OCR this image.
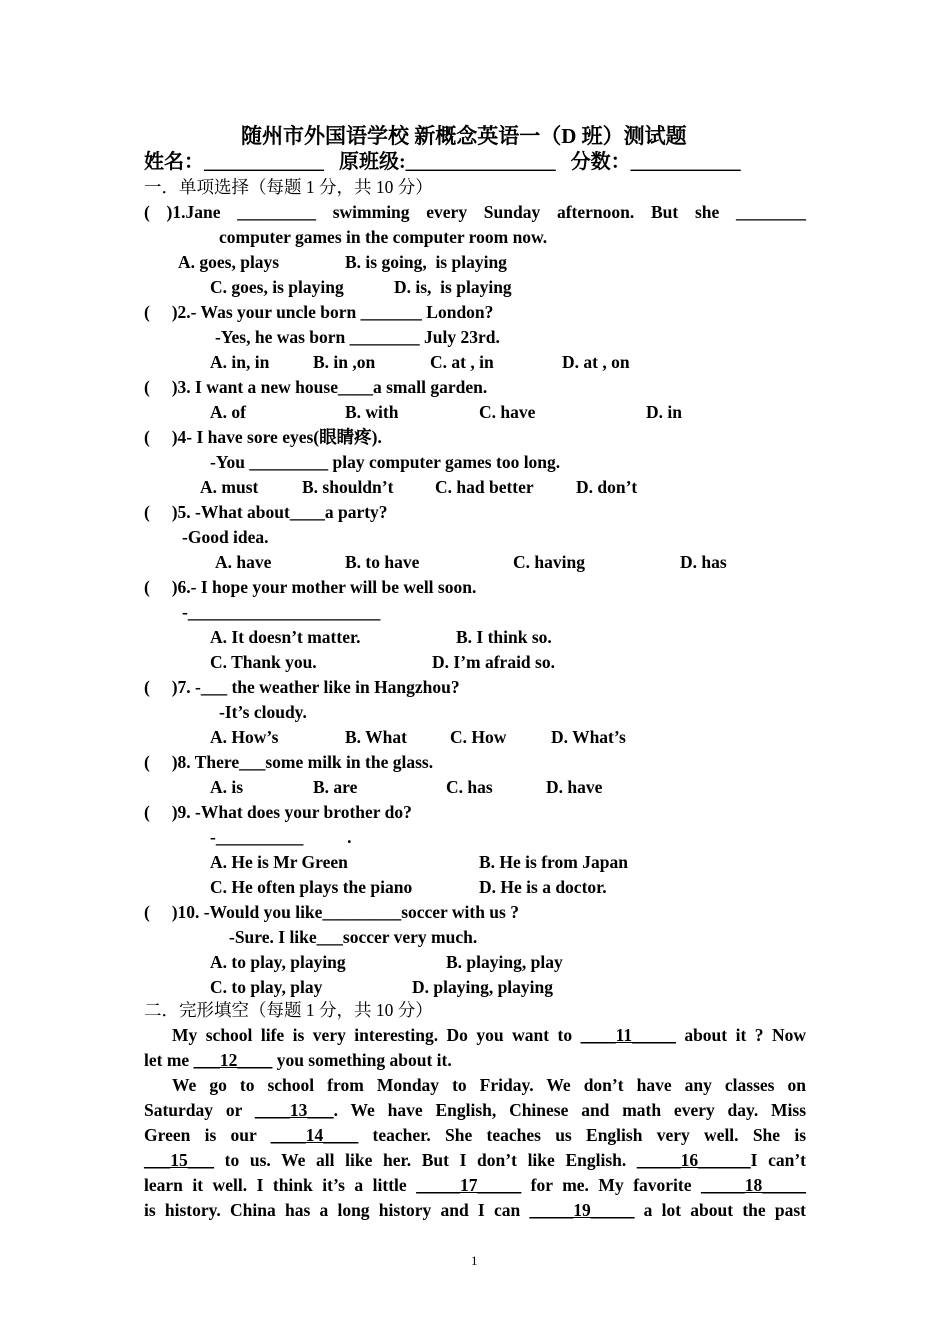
随州市外国语学校 新概念英语一（D 班）测试题
姓名：____________   原班级:_______________   分数：___________
一．单项选择（每题 1 分，共 10 分）
( )1.Jane _________ swimming every Sunday afternoon. But she ________
computer games in the computer room now.
A. goes, plays	B. is going,  is playing
C. goes, is playing	D. is,  is playing
(     )2.- Was your uncle born _______ London?
-Yes, he was born ________ July 23rd.
A. in, in B. in ,on	C. at , in	D. at , on
(     )3. I want a new house____a small garden.
A. of	B. with	C. have	D. in
(     )4- I have sore eyes(眼睛疼).
-You _________ play computer games too long.
A. must B. shouldn’t C. had better D. don’t
(     )5. -What about____a party?
-Good idea.
A. have	B. to have	C. having	D. has
(     )6.- I hope your mother will be well soon.
-______________________
A. It doesn’t matter.	B. I think so.
C. Thank you.	D. I’m afraid so.
(     )7. -___ the weather like in Hangzhou?
-It’s cloudy.
A. How’s	B. What C. How	D. What’s
(     )8. There___some milk in the glass.
A. is	B. are	C. has	D. have
(     )9. -What does your brother do?
-__________          .
A. He is Mr Green	B. He is from Japan
C. He often plays the piano	D. He is a doctor.
(     )10. -Would you like_________soccer with us ?
-Sure. I like___soccer very much.
A. to play, playing	B. playing, play
C. to play, play	D. playing, playing
二．完形填空（每题 1 分，共 10 分）
My school life is very interesting. Do you want to ____11_____ about it ? Now
let me ___12____ you something about it.
We go to school from Monday to Friday. We don’t have any classes on
Saturday or ____13___. We have English, Chinese and math every day. Miss
Green is our ____14____ teacher. She teaches us English very well. She is
___15___ to us. We all like her. But I don’t like English. _____16______I can’t
learn it well. I think it’s a little _____17_____ for me. My favorite _____18_____
is history. China has a long history and I can _____19_____ a lot about the past
1
